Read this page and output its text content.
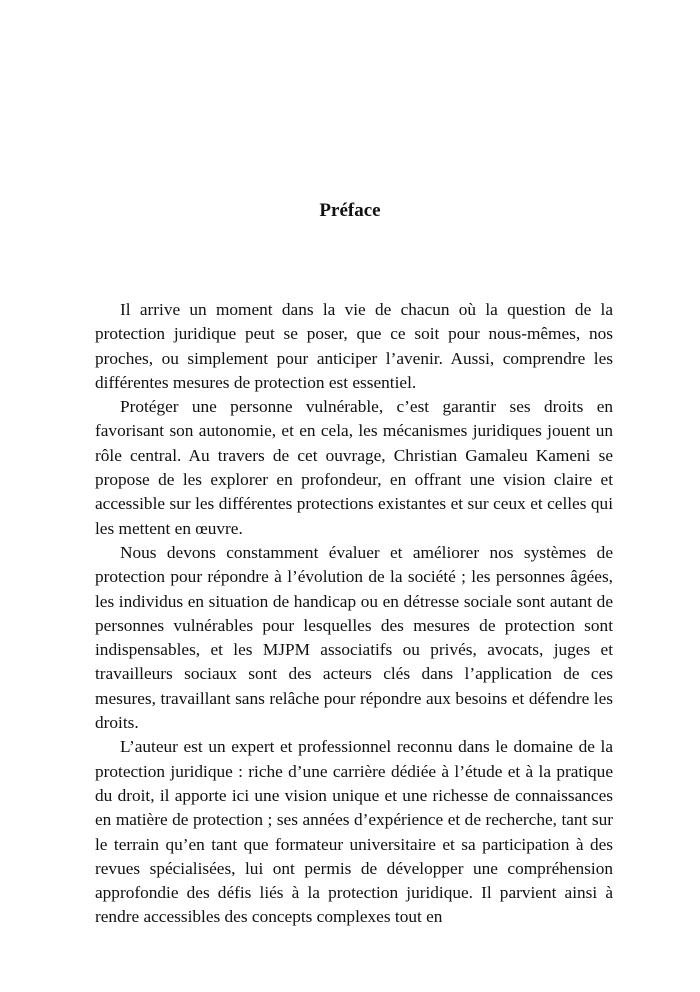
Préface

Il arrive un moment dans la vie de chacun où la question de la protection juridique peut se poser, que ce soit pour nous-mêmes, nos proches, ou simplement pour anticiper l’avenir. Aussi, comprendre les différentes mesures de protection est essentiel.

Protéger une personne vulnérable, c’est garantir ses droits en favorisant son autonomie, et en cela, les mécanismes juridiques jouent un rôle central. Au travers de cet ouvrage, Christian Gamaleu Kameni se propose de les explorer en profondeur, en offrant une vision claire et accessible sur les différentes protections existantes et sur ceux et celles qui les mettent en œuvre.

Nous devons constamment évaluer et améliorer nos systèmes de protection pour répondre à l’évolution de la société ; les personnes âgées, les individus en situation de handicap ou en détresse sociale sont autant de personnes vulnérables pour lesquelles des mesures de protection sont indispensables, et les MJPM associatifs ou privés, avocats, juges et travailleurs sociaux sont des acteurs clés dans l’application de ces mesures, travaillant sans relâche pour répondre aux besoins et défendre les droits.

L’auteur est un expert et professionnel reconnu dans le domaine de la protection juridique : riche d’une carrière dédiée à l’étude et à la pratique du droit, il apporte ici une vision unique et une richesse de connaissances en matière de protection ; ses années d’expérience et de recherche, tant sur le terrain qu’en tant que formateur universitaire et sa participation à des revues spécialisées, lui ont permis de développer une compréhension approfondie des défis liés à la protection juridique. Il parvient ainsi à rendre accessibles des concepts complexes tout en
